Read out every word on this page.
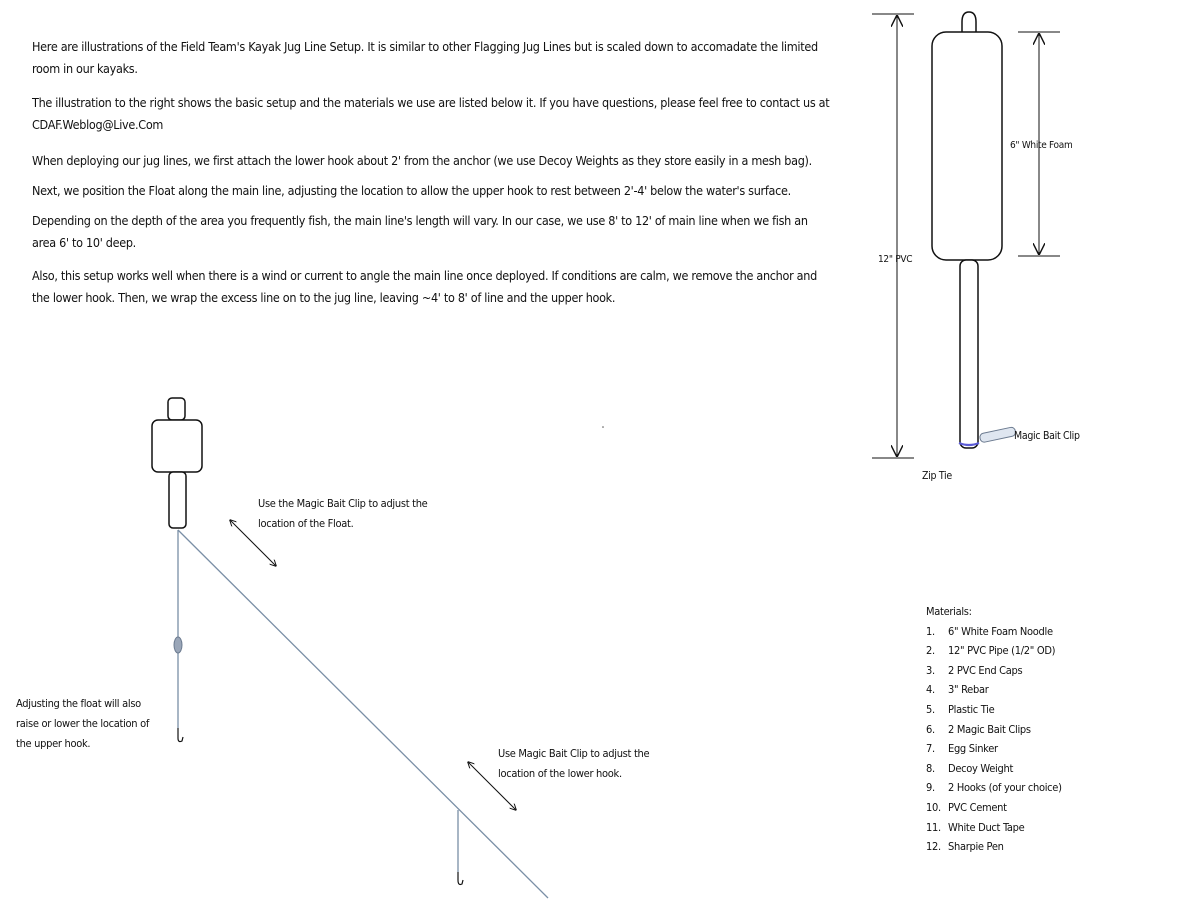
Here are illustrations of the Field Team's Kayak Jug Line Setup. It is similar to other Flagging Jug Lines but is scaled down to accomadate the limited room in our kayaks.

The illustration to the right shows the basic setup and the materials we use are listed below it. If you have questions, please feel free to contact us at CDAF.Weblog@Live.Com

When deploying our jug lines, we first attach the lower hook about 2' from the anchor (we use Decoy Weights as they store easily in a mesh bag).

Next, we position the Float along the main line, adjusting the location to allow the upper hook to rest between 2'-4' below the water's surface.

Depending on the depth of the area you frequently fish, the main line's length will vary. In our case, we use 8' to 12' of main line when we fish an area 6' to 10' deep.

Also, this setup works well when there is a wind or current to angle the main line once deployed. If conditions are calm, we remove the anchor and the lower hook. Then, we wrap the excess line on to the jug line, leaving ~4' to 8' of line and the upper hook.

Use the Magic Bait Clip to adjust the location of the Float.
Adjusting the float will also raise or lower the location of the upper hook.
Use Magic Bait Clip to adjust the location of the lower hook.
6" White Foam
12" PVC
Magic Bait Clip
Zip Tie
Materials:
1. 6" White Foam Noodle
2. 12" PVC Pipe (1/2" OD)
3. 2 PVC End Caps
4. 3" Rebar
5. Plastic Tie
6. 2 Magic Bait Clips
7. Egg Sinker
8. Decoy Weight
9. 2 Hooks (of your choice)
10. PVC Cement
11. White Duct Tape
12. Sharpie Pen
